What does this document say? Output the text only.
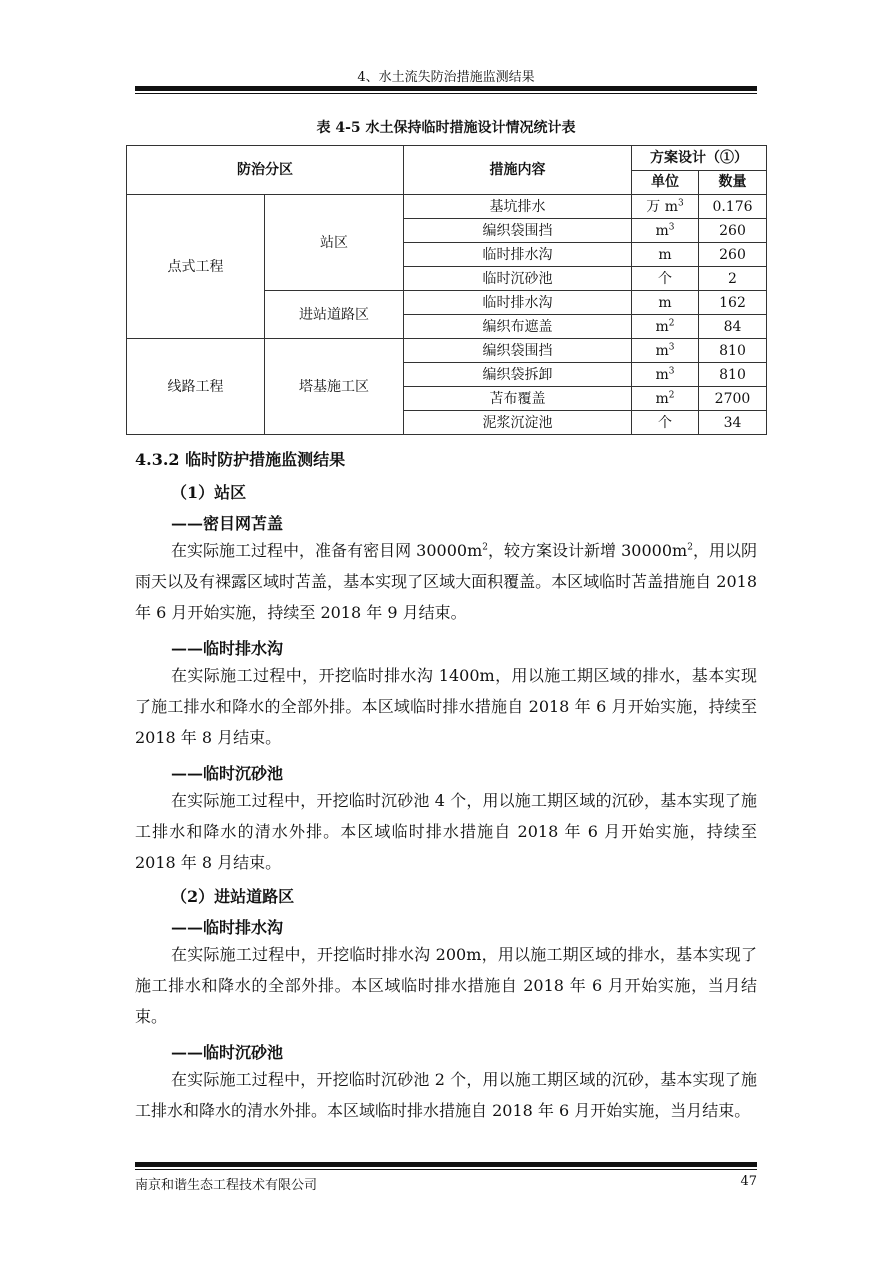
4、水土流失防治措施监测结果
表 4-5 水土保持临时措施设计情况统计表
防治分区		措施内容	方案设计（①）	
			单位	数量
点式工程	站区	基坑排水	万 $m^3$	0.176
		编织袋围挡	$m^3$	260
		临时排水沟	m	260
		临时沉砂池	个	2
	进站道路区	临时排水沟	m	162
		编织布遮盖	$m^2$	84
线路工程	塔基施工区	编织袋围挡	$m^3$	810
		编织袋拆卸	$m^3$	810
		苫布覆盖	$m^2$	2700
		泥浆沉淀池	个	34
4.3.2 临时防护措施监测结果
（1）站区
——密目网苫盖
在实际施工过程中，准备有密目网 $30000m^2$，较方案设计新增 $30000m^2$，用以阴雨天以及有裸露区域时苫盖，基本实现了区域大面积覆盖。本区域临时苫盖措施自 2018 年 6 月开始实施，持续至 2018 年 9 月结束。
——临时排水沟
在实际施工过程中，开挖临时排水沟 1400m，用以施工期区域的排水，基本实现了施工排水和降水的全部外排。本区域临时排水措施自 2018 年 6 月开始实施，持续至 2018 年 8 月结束。
——临时沉砂池
在实际施工过程中，开挖临时沉砂池 4 个，用以施工期区域的沉砂，基本实现了施工排水和降水的清水外排。本区域临时排水措施自 2018 年 6 月开始实施，持续至 2018 年 8 月结束。
（2）进站道路区
——临时排水沟
在实际施工过程中，开挖临时排水沟 200m，用以施工期区域的排水，基本实现了施工排水和降水的全部外排。本区域临时排水措施自 2018 年 6 月开始实施，当月结束。
——临时沉砂池
在实际施工过程中，开挖临时沉砂池 2 个，用以施工期区域的沉砂，基本实现了施工排水和降水的清水外排。本区域临时排水措施自 2018 年 6 月开始实施，当月结束。
南京和谐生态工程技术有限公司	47
